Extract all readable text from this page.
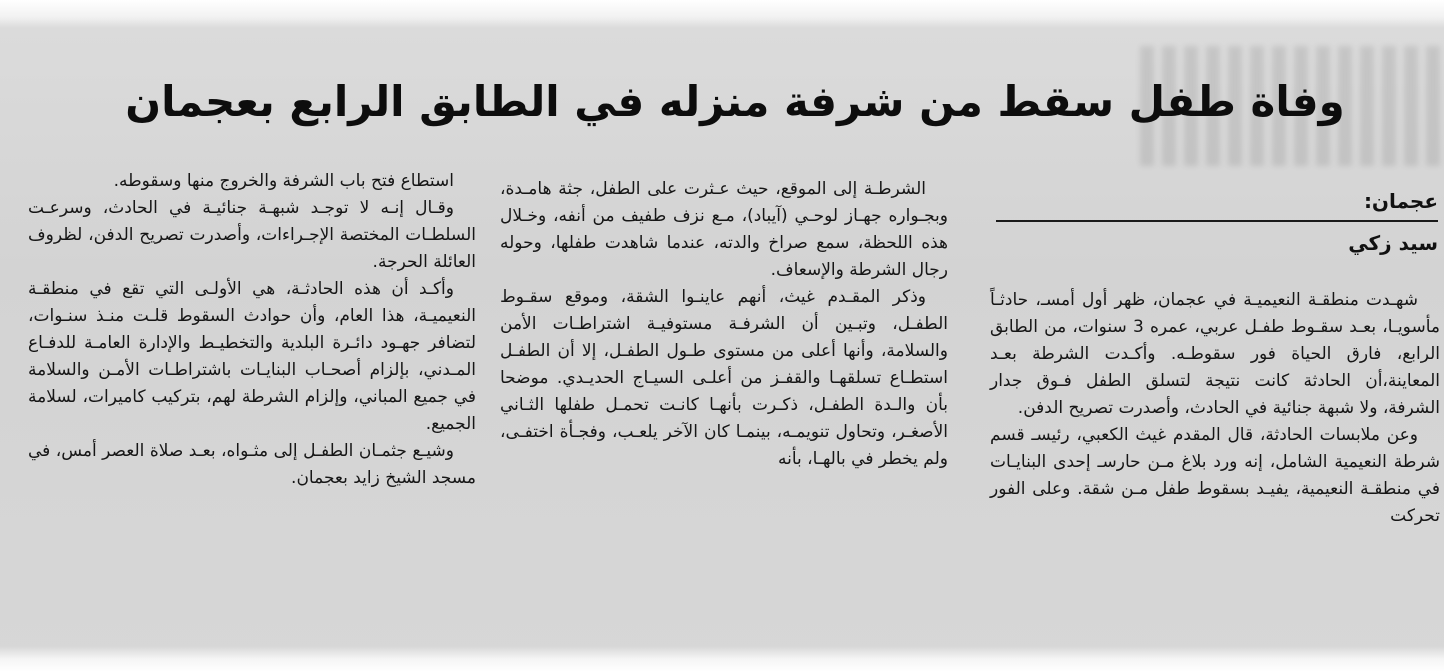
وفاة طفل سقط من شرفة منزله في الطابق الرابع بعجمان
عجمان:
سيد زكي

شهـدت منطقـة النعيميـة في عجمان، ظهر أول أمسـ، حادثـاً مأسويـا، بعـد سقـوط طفـل عربي، عمره 3 سنوات، من الطابق الرابع، فارق الحياة فور سقوطـه. وأكـدت الشرطة بعـد المعاينة،أن الحادثة كانت نتيجة لتسلق الطفل فـوق جدار الشرفة، ولا شبهة جنائية في الحادث، وأصدرت تصريح الدفن.

وعن ملابسات الحادثة، قال المقدم غيث الكعبي، رئيسـ قسم شرطة النعيمية الشامل، إنه ورد بلاغ مـن حارسـ إحدى البنايـات في منطقـة النعيمية، يفيـد بسقوط طفل مـن شقة. وعلى الفور تحركت

الشرطـة إلى الموقع، حيث عـثرت على الطفل، جثة هامـدة، وبجـواره جهـاز لوحـي (آيباد)، مـع نزف طفيف من أنفه، وخـلال هذه اللحظة، سمع صراخ والدته، عندما شاهدت طفلها، وحوله رجال الشرطة والإسعاف.

وذكر المقـدم غيث، أنهم عاينـوا الشقة، وموقع سقـوط الطفـل، وتبـين أن الشرفـة مستوفيـة اشتراطـات الأمن والسلامة، وأنها أعلى من مستوى طـول الطفـل، إلا أن الطفـل استطـاع تسلقهـا والقفـز من أعلـى السيـاج الحديـدي. موضحا بأن والـدة الطفـل، ذكـرت بأنهـا كانـت تحمـل طفلها الثـاني الأصغـر، وتحاول تنويمـه، بينمـا كان الآخر يلعـب، وفجـأة اختفـى، ولم يخطر في بالهـا، بأنه

استطاع فتح باب الشرفة والخروج منها وسقوطه.

وقـال إنـه لا توجـد شبهـة جنائيـة في الحادث، وسرعـت السلطـات المختصة الإجـراءات، وأصدرت تصريح الدفن، لظروف العائلة الحرجة.

وأكـد أن هذه الحادثـة، هي الأولـى التي تقع في منطقـة النعيميـة، هذا العام، وأن حوادث السقوط قلـت منـذ سنـوات، لتضافر جهـود دائـرة البلدية والتخطيـط والإدارة العامـة للدفـاع المـدني، بإلزام أصحـاب البنايـات باشتراطـات الأمـن والسلامة في جميع المباني، وإلزام الشرطة لهم، بتركيب كاميرات، لسلامة الجميع.

وشيـع جثمـان الطفـل إلى مثـواه، بعـد صلاة العصر أمس، في مسجد الشيخ زايد بعجمان.
